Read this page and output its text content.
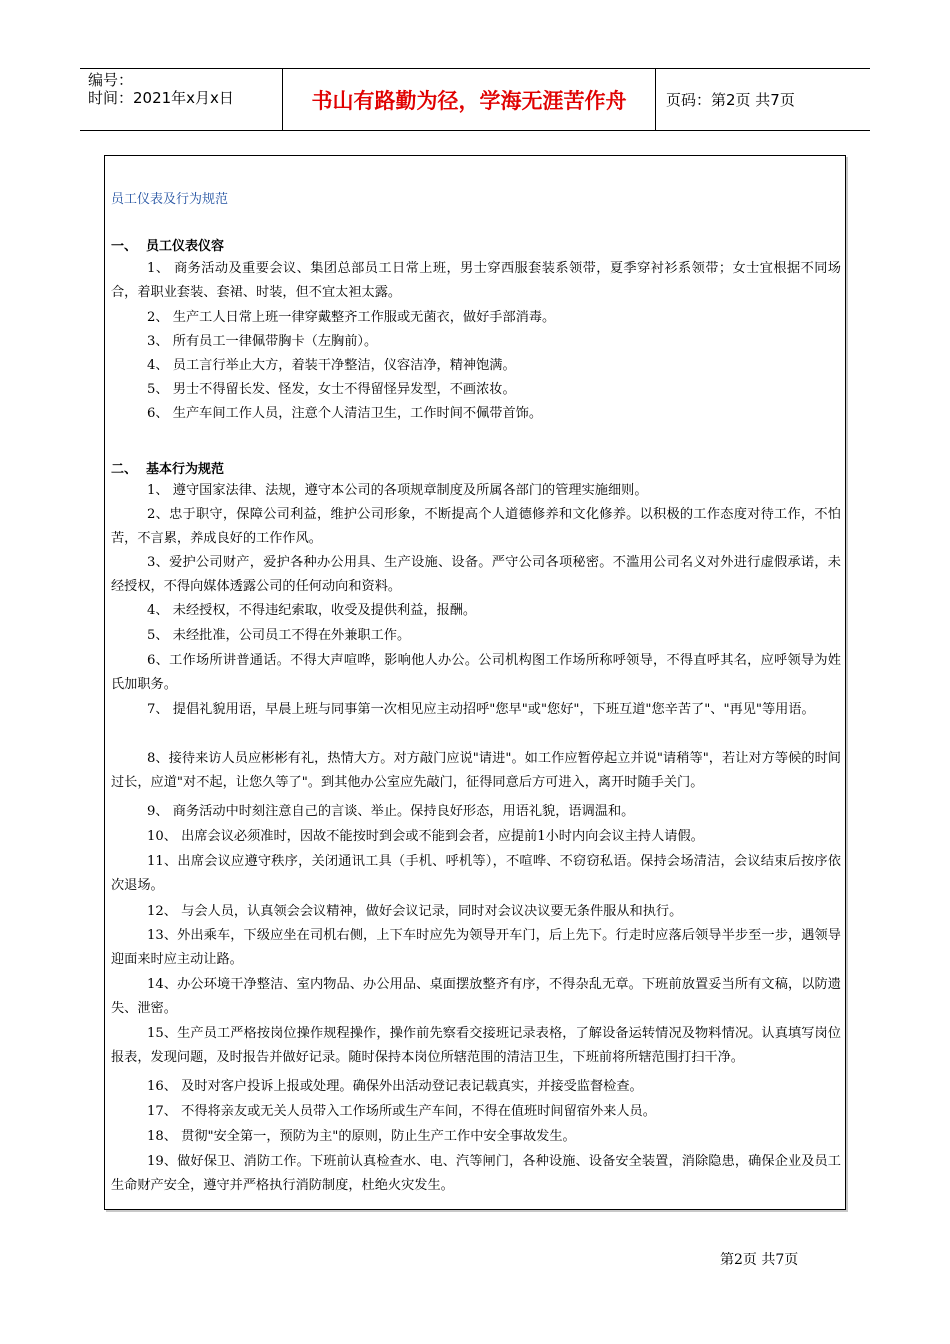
编号：
时间：2021年x月x日	书山有路勤为径，学海无涯苦作舟	页码：第2页 共7页
员工仪表及行为规范
一、  员工仪表仪容
1、 商务活动及重要会议、集团总部员工日常上班，男士穿西服套装系领带，夏季穿衬衫系领带；女士宜根据不同场合，着职业套装、套裙、时装，但不宜太袒太露。
2、 生产工人日常上班一律穿戴整齐工作服或无菌衣，做好手部消毒。
3、 所有员工一律佩带胸卡（左胸前）。
4、 员工言行举止大方，着装干净整洁，仪容洁净，精神饱满。
5、 男士不得留长发、怪发，女士不得留怪异发型，不画浓妆。
6、 生产车间工作人员，注意个人清洁卫生，工作时间不佩带首饰。
二、  基本行为规范
1、 遵守国家法律、法规，遵守本公司的各项规章制度及所属各部门的管理实施细则。
2、忠于职守，保障公司利益，维护公司形象，不断提高个人道德修养和文化修养。以积极的工作态度对待工作，不怕苦，不言累，养成良好的工作作风。
3、爱护公司财产，爱护各种办公用具、生产设施、设备。严守公司各项秘密。不滥用公司名义对外进行虚假承诺，未经授权，不得向媒体透露公司的任何动向和资料。
4、 未经授权，不得违纪索取，收受及提供利益，报酬。
5、 未经批准，公司员工不得在外兼职工作。
6、工作场所讲普通话。不得大声喧哗，影响他人办公。公司机构图工作场所称呼领导，不得直呼其名，应呼领导为姓氏加职务。
7、 提倡礼貌用语，早晨上班与同事第一次相见应主动招呼"您早"或"您好"，下班互道"您辛苦了"、"再见"等用语。
8、接待来访人员应彬彬有礼，热情大方。对方敲门应说"请进"。如工作应暂停起立并说"请稍等"，若让对方等候的时间过长，应道"对不起，让您久等了"。到其他办公室应先敲门，征得同意后方可进入，离开时随手关门。
9、 商务活动中时刻注意自己的言谈、举止。保持良好形态，用语礼貌，语调温和。
10、 出席会议必须准时，因故不能按时到会或不能到会者，应提前1小时内向会议主持人请假。
11、出席会议应遵守秩序，关闭通讯工具（手机、呼机等），不喧哗、不窃窃私语。保持会场清洁，会议结束后按序依次退场。
12、 与会人员，认真领会会议精神，做好会议记录，同时对会议决议要无条件服从和执行。
13、外出乘车，下级应坐在司机右侧，上下车时应先为领导开车门，后上先下。行走时应落后领导半步至一步，遇领导迎面来时应主动让路。
14、办公环境干净整洁、室内物品、办公用品、桌面摆放整齐有序，不得杂乱无章。下班前放置妥当所有文稿，以防遗失、泄密。
15、生产员工严格按岗位操作规程操作，操作前先察看交接班记录表格，了解设备运转情况及物料情况。认真填写岗位报表，发现问题，及时报告并做好记录。随时保持本岗位所辖范围的清洁卫生，下班前将所辖范围打扫干净。
16、 及时对客户投诉上报或处理。确保外出活动登记表记载真实，并接受监督检查。
17、 不得将亲友或无关人员带入工作场所或生产车间，不得在值班时间留宿外来人员。
18、 贯彻"安全第一，预防为主"的原则，防止生产工作中安全事故发生。
19、做好保卫、消防工作。下班前认真检查水、电、汽等闸门，各种设施、设备安全装置，消除隐患，确保企业及员工生命财产安全，遵守并严格执行消防制度，杜绝火灾发生。
第2页 共7页
